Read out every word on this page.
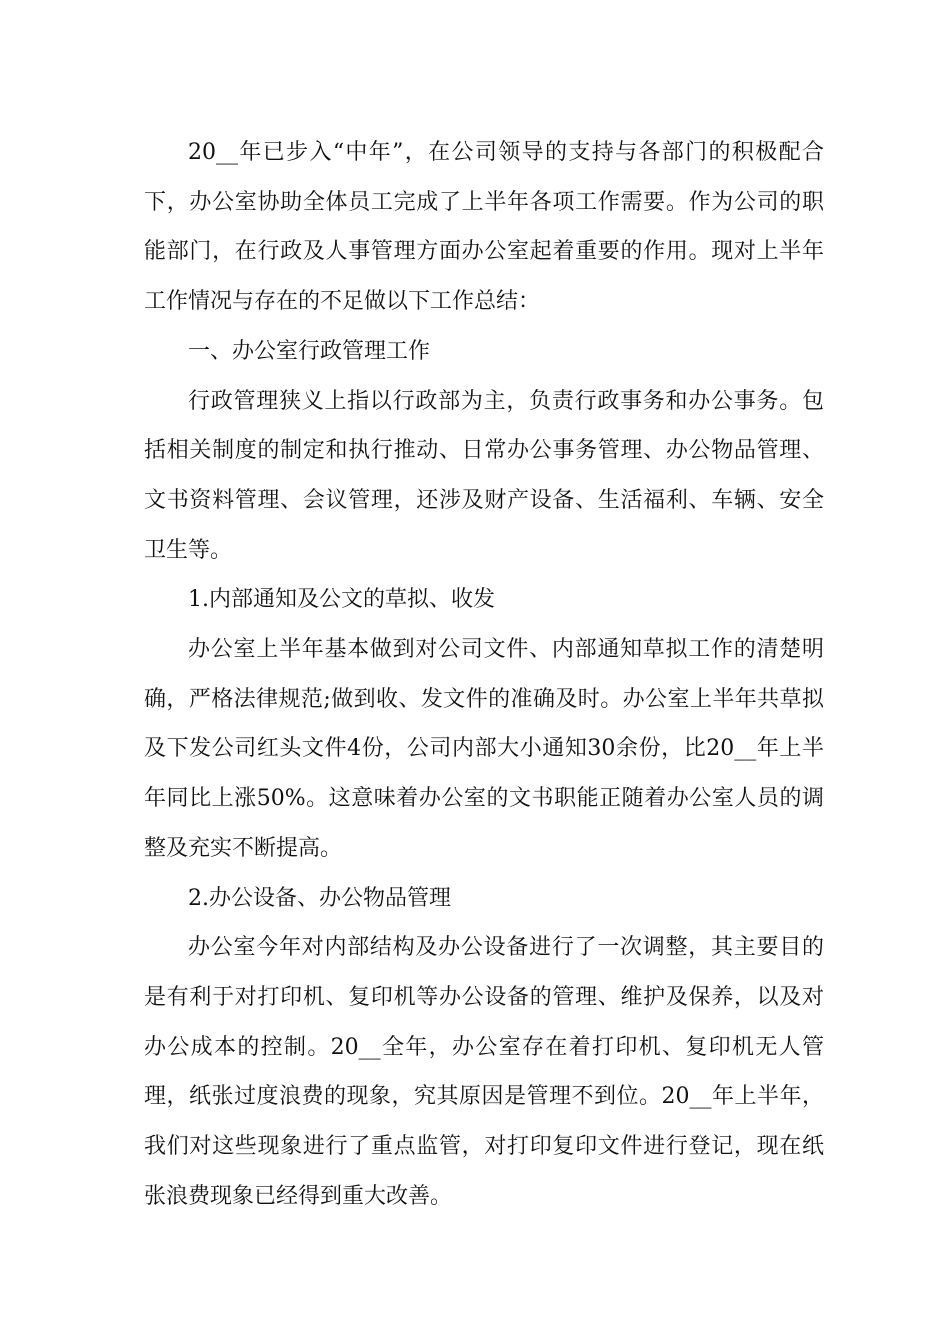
20__年已步入“中年”，在公司领导的支持与各部门的积极配合下，办公室协助全体员工完成了上半年各项工作需要。作为公司的职能部门，在行政及人事管理方面办公室起着重要的作用。现对上半年工作情况与存在的不足做以下工作总结：

一、办公室行政管理工作

行政管理狭义上指以行政部为主，负责行政事务和办公事务。包括相关制度的制定和执行推动、日常办公事务管理、办公物品管理、文书资料管理、会议管理，还涉及财产设备、生活福利、车辆、安全卫生等。

1.内部通知及公文的草拟、收发

办公室上半年基本做到对公司文件、内部通知草拟工作的清楚明确，严格法律规范;做到收、发文件的准确及时。办公室上半年共草拟及下发公司红头文件4份，公司内部大小通知30余份，比20__年上半年同比上涨50%。这意味着办公室的文书职能正随着办公室人员的调整及充实不断提高。

2.办公设备、办公物品管理

办公室今年对内部结构及办公设备进行了一次调整，其主要目的是有利于对打印机、复印机等办公设备的管理、维护及保养，以及对办公成本的控制。20__全年，办公室存在着打印机、复印机无人管理，纸张过度浪费的现象，究其原因是管理不到位。20__年上半年，我们对这些现象进行了重点监管，对打印复印文件进行登记，现在纸张浪费现象已经得到重大改善。
